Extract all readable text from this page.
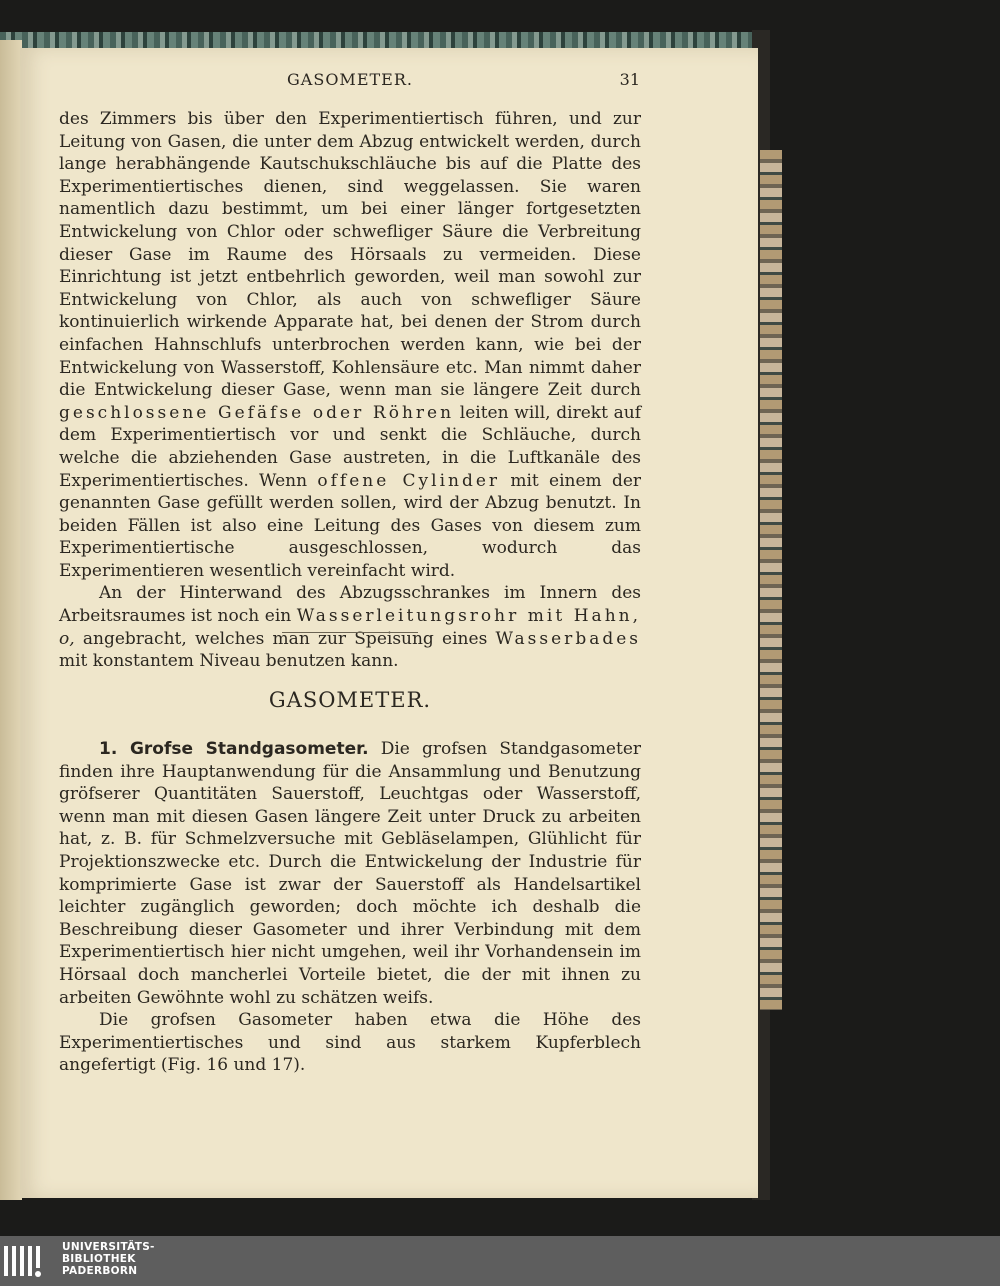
GASOMETER.	31

des Zimmers bis über den Experimentiertisch führen, und zur Leitung von Gasen, die unter dem Abzug entwickelt werden, durch lange herabhängende Kautschukschläuche bis auf die Platte des Experimentiertisches dienen, sind weggelassen. Sie waren namentlich dazu bestimmt, um bei einer länger fortgesetzten Entwickelung von Chlor oder schwefliger Säure die Verbreitung dieser Gase im Raume des Hörsaals zu vermeiden. Diese Einrichtung ist jetzt entbehrlich geworden, weil man sowohl zur Entwickelung von Chlor, als auch von schwefliger Säure kontinuierlich wirkende Apparate hat, bei denen der Strom durch einfachen Hahnschlufs unterbrochen werden kann, wie bei der Entwickelung von Wasserstoff, Kohlensäure etc. Man nimmt daher die Entwickelung dieser Gase, wenn man sie längere Zeit durch geschlossene Gefäfse oder Röhren leiten will, direkt auf dem Experimentiertisch vor und senkt die Schläuche, durch welche die abziehenden Gase austreten, in die Luftkanäle des Experimentiertisches. Wenn offene Cylinder mit einem der genannten Gase gefüllt werden sollen, wird der Abzug benutzt. In beiden Fällen ist also eine Leitung des Gases von diesem zum Experimentiertische ausgeschlossen, wodurch das Experimentieren wesentlich vereinfacht wird.

An der Hinterwand des Abzugsschrankes im Innern des Arbeitsraumes ist noch ein Wasserleitungsrohr mit Hahn, o, angebracht, welches man zur Speisung eines Wasserbades mit konstantem Niveau benutzen kann.

GASOMETER.

1. Grofse Standgasometer. Die grofsen Standgasometer finden ihre Hauptanwendung für die Ansammlung und Benutzung gröfserer Quantitäten Sauerstoff, Leuchtgas oder Wasserstoff, wenn man mit diesen Gasen längere Zeit unter Druck zu arbeiten hat, z. B. für Schmelzversuche mit Gebläselampen, Glühlicht für Projektionszwecke etc. Durch die Entwickelung der Industrie für komprimierte Gase ist zwar der Sauerstoff als Handelsartikel leichter zugänglich geworden; doch möchte ich deshalb die Beschreibung dieser Gasometer und ihrer Verbindung mit dem Experimentiertisch hier nicht umgehen, weil ihr Vorhandensein im Hörsaal doch mancherlei Vorteile bietet, die der mit ihnen zu arbeiten Gewöhnte wohl zu schätzen weifs.

Die grofsen Gasometer haben etwa die Höhe des Experimentiertisches und sind aus starkem Kupferblech angefertigt (Fig. 16 und 17).

UNIVERSITÄTS-
BIBLIOTHEK
PADERBORN
